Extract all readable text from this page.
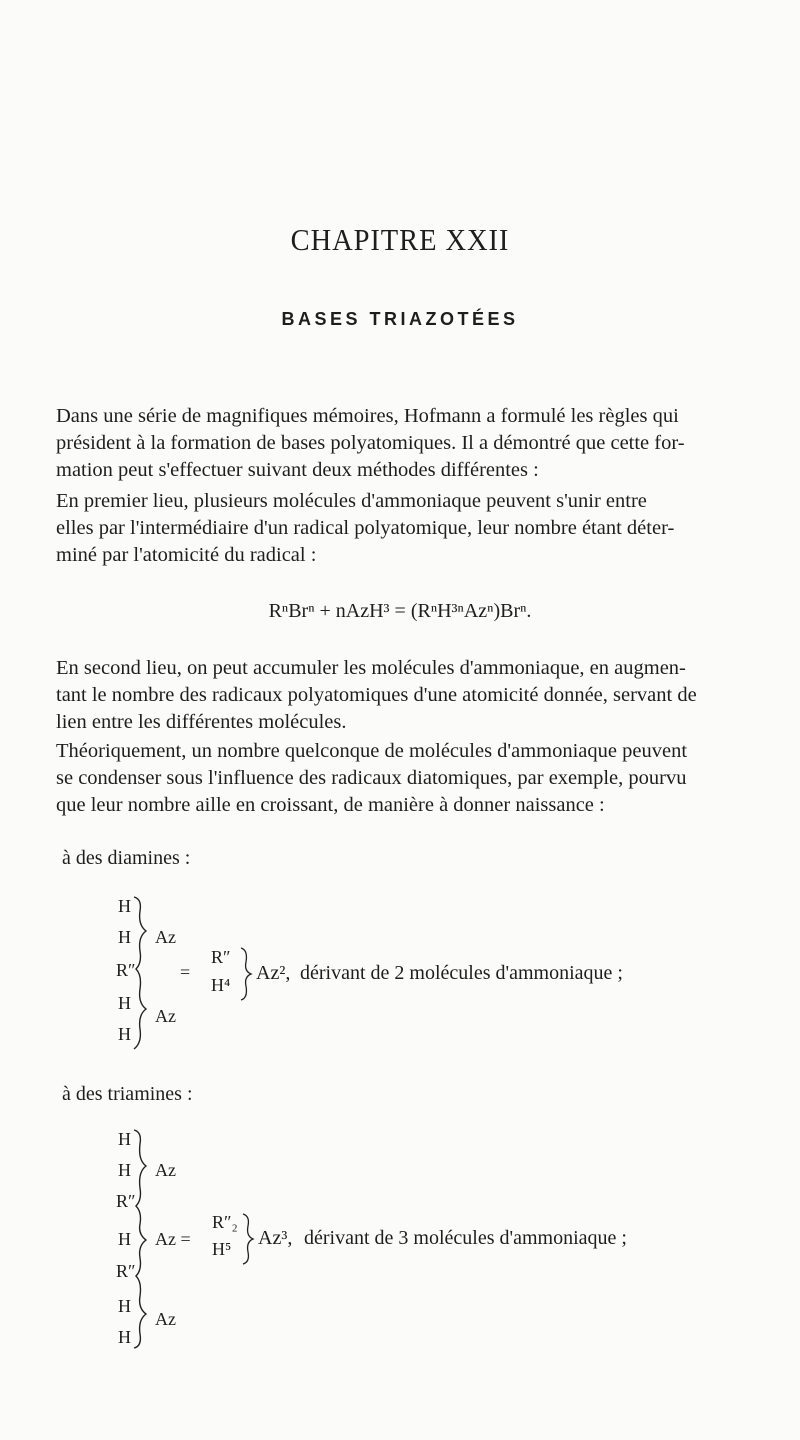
CHAPITRE XXII
BASES TRIAZOTÉES
Dans une série de magnifiques mémoires, Hofmann a formulé les règles qui
président à la formation de bases polyatomiques. Il a démontré que cette for-
mation peut s'effectuer suivant deux méthodes différentes :
En premier lieu, plusieurs molécules d'ammoniaque peuvent s'unir entre
elles par l'intermédiaire d'un radical polyatomique, leur nombre étant déter-
miné par l'atomicité du radical :
RⁿBrⁿ + nAzH³ = (RⁿH³ⁿAzⁿ)Brⁿ.
En second lieu, on peut accumuler les molécules d'ammoniaque, en augmen-
tant le nombre des radicaux polyatomiques d'une atomicité donnée, servant de
lien entre les différentes molécules.
Théoriquement, un nombre quelconque de molécules d'ammoniaque peuvent
se condenser sous l'influence des radicaux diatomiques, par exemple, pourvu
que leur nombre aille en croissant, de manière à donner naissance :
à des diamines :
H
H
R″
H
H
Az
Az
=
R″
H⁴
Az², dérivant de 2 molécules d'ammoniaque ;
à des triamines :
H
H
R″
H
R″
H
H
Az
Az =
Az
R″₂
H⁵ Az³, dérivant de 3 molécules d'ammoniaque ;
